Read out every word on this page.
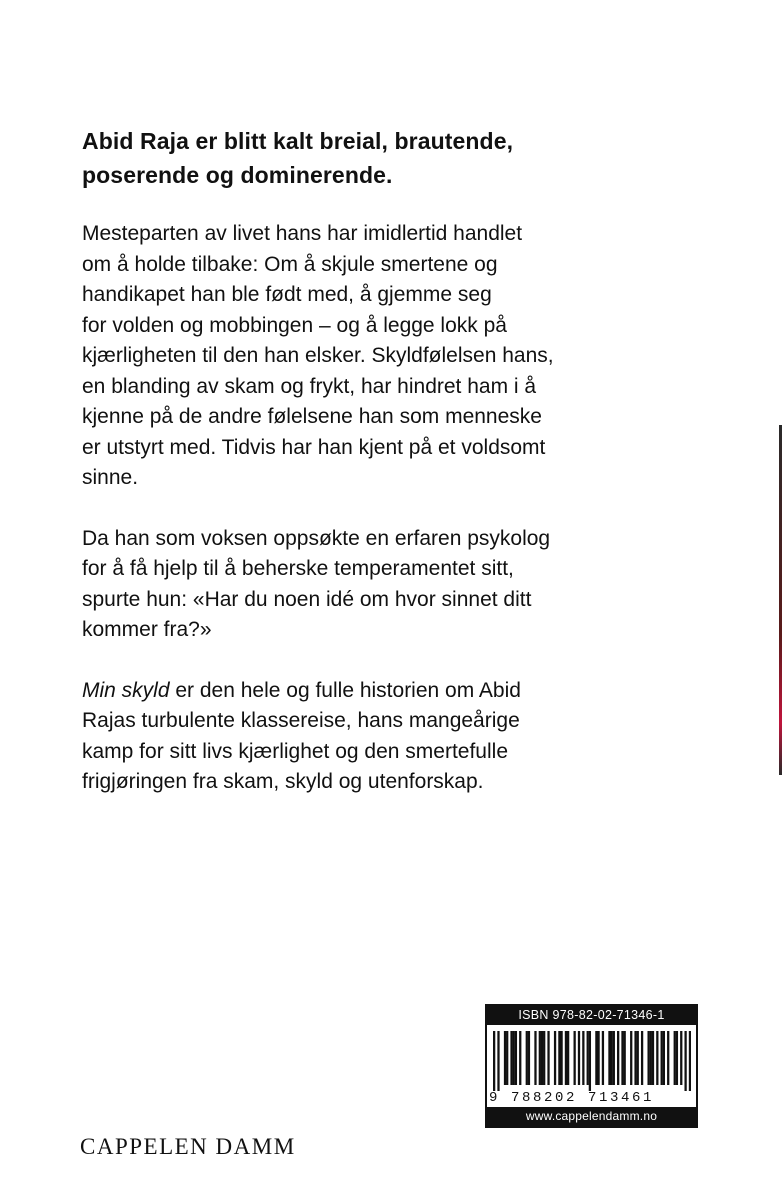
Abid Raja er blitt kalt breial, brautende,
poserende og dominerende.

Mesteparten av livet hans har imidlertid handlet
om å holde tilbake: Om å skjule smertene og
handikapet han ble født med, å gjemme seg
for volden og mobbingen – og å legge lokk på
kjærligheten til den han elsker. Skyldfølelsen hans,
en blanding av skam og frykt, har hindret ham i å
kjenne på de andre følelsene han som menneske
er utstyrt med. Tidvis har han kjent på et voldsomt
sinne.

Da han som voksen oppsøkte en erfaren psykolog
for å få hjelp til å beherske temperamentet sitt,
spurte hun: «Har du noen idé om hvor sinnet ditt
kommer fra?»

Min skyld er den hele og fulle historien om Abid
Rajas turbulente klassereise, hans mangeårige
kamp for sitt livs kjærlighet og den smertefulle
frigjøringen fra skam, skyld og utenforskap.

CAPPELEN DAMM
ISBN 978-82-02-71346-1
9 788202 713461
www.cappelendamm.no
